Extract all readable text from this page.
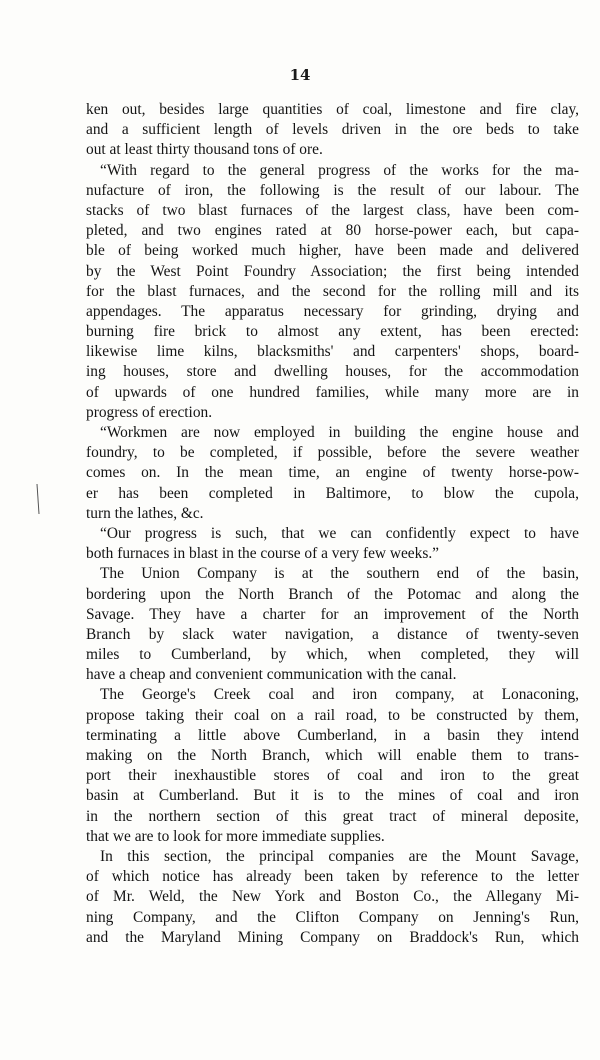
14
ken out, besides large quantities of coal, limestone and fire clay,
and a sufficient length of levels driven in the ore beds to take
out at least thirty thousand tons of ore.
“With regard to the general progress of the works for the ma-
nufacture of iron, the following is the result of our labour. The
stacks of two blast furnaces of the largest class, have been com-
pleted, and two engines rated at 80 horse-power each, but capa-
ble of being worked much higher, have been made and delivered
by the West Point Foundry Association; the first being intended
for the blast furnaces, and the second for the rolling mill and its
appendages. The apparatus necessary for grinding, drying and
burning fire brick to almost any extent, has been erected:
likewise lime kilns, blacksmiths' and carpenters' shops, board-
ing houses, store and dwelling houses, for the accommodation
of upwards of one hundred families, while many more are in
progress of erection.
“Workmen are now employed in building the engine house and
foundry, to be completed, if possible, before the severe weather
comes on. In the mean time, an engine of twenty horse-pow-
er has been completed in Baltimore, to blow the cupola,
turn the lathes, &c.
“Our progress is such, that we can confidently expect to have
both furnaces in blast in the course of a very few weeks.”
The Union Company is at the southern end of the basin,
bordering upon the North Branch of the Potomac and along the
Savage. They have a charter for an improvement of the North
Branch by slack water navigation, a distance of twenty-seven
miles to Cumberland, by which, when completed, they will
have a cheap and convenient communication with the canal.
The George's Creek coal and iron company, at Lonaconing,
propose taking their coal on a rail road, to be constructed by them,
terminating a little above Cumberland, in a basin they intend
making on the North Branch, which will enable them to trans-
port their inexhaustible stores of coal and iron to the great
basin at Cumberland. But it is to the mines of coal and iron
in the northern section of this great tract of mineral deposite,
that we are to look for more immediate supplies.
In this section, the principal companies are the Mount Savage,
of which notice has already been taken by reference to the letter
of Mr. Weld, the New York and Boston Co., the Allegany Mi-
ning Company, and the Clifton Company on Jenning's Run,
and the Maryland Mining Company on Braddock's Run, which
